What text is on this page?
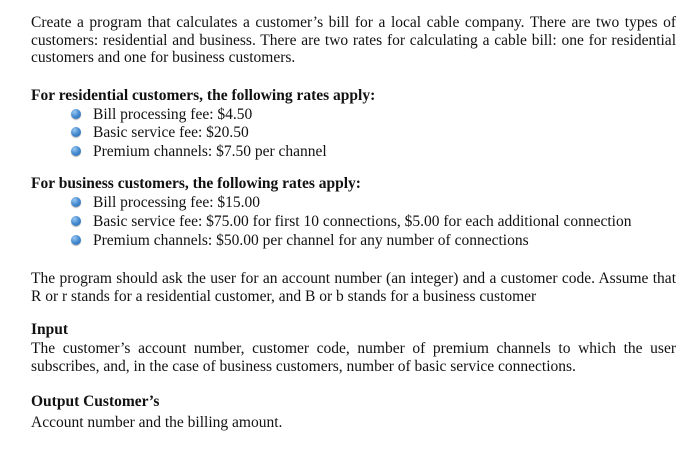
Create a program that calculates a customer’s bill for a local cable company. There are two types of customers: residential and business. There are two rates for calculating a cable bill: one for residential customers and one for business customers.
For residential customers, the following rates apply:
Bill processing fee: $4.50
Basic service fee: $20.50
Premium channels: $7.50 per channel
For business customers, the following rates apply:
Bill processing fee: $15.00
Basic service fee: $75.00 for first 10 connections, $5.00 for each additional connection
Premium channels: $50.00 per channel for any number of connections
The program should ask the user for an account number (an integer) and a customer code. Assume that R or r stands for a residential customer, and B or b stands for a business customer
Input
The customer’s account number, customer code, number of premium channels to which the user subscribes, and, in the case of business customers, number of basic service connections.
Output Customer’s
Account number and the billing amount.
